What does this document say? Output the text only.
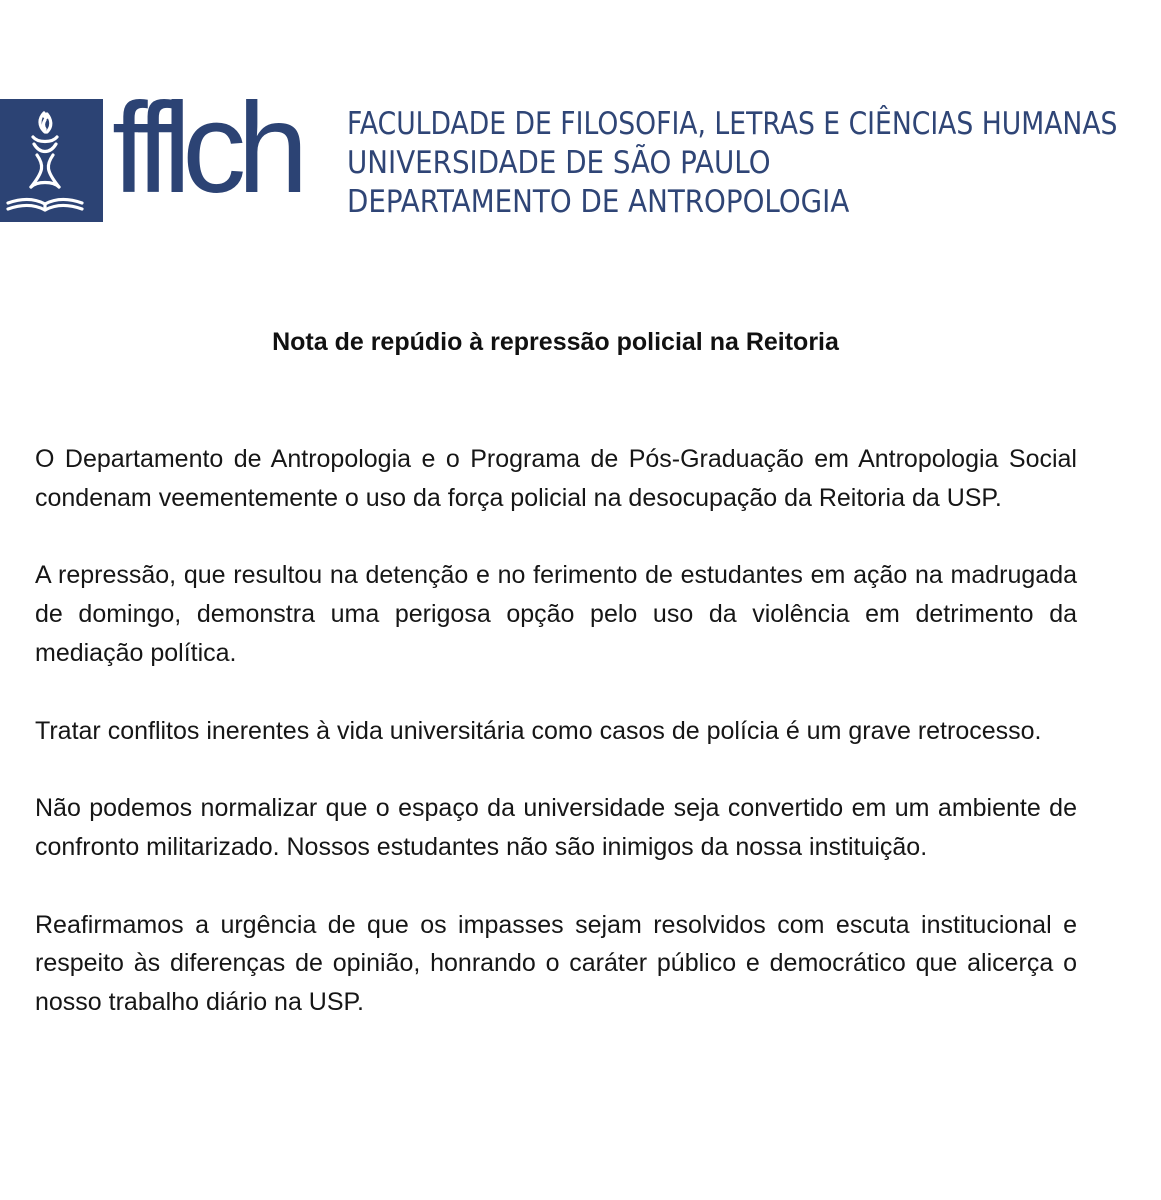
fflch FACULDADE DE FILOSOFIA, LETRAS E CIÊNCIAS HUMANAS
UNIVERSIDADE DE SÃO PAULO
DEPARTAMENTO DE ANTROPOLOGIA
Nota de repúdio à repressão policial na Reitoria

O Departamento de Antropologia e o Programa de Pós-Graduação em Antropologia Social condenam veementemente o uso da força policial na desocupação da Reitoria da USP.

A repressão, que resultou na detenção e no ferimento de estudantes em ação na madrugada de domingo, demonstra uma perigosa opção pelo uso da violência em detrimento da mediação política.

Tratar conflitos inerentes à vida universitária como casos de polícia é um grave retrocesso.

Não podemos normalizar que o espaço da universidade seja convertido em um ambiente de confronto militarizado. Nossos estudantes não são inimigos da nossa instituição.

Reafirmamos a urgência de que os impasses sejam resolvidos com escuta institucional e respeito às diferenças de opinião, honrando o caráter público e democrático que alicerça o nosso trabalho diário na USP.
